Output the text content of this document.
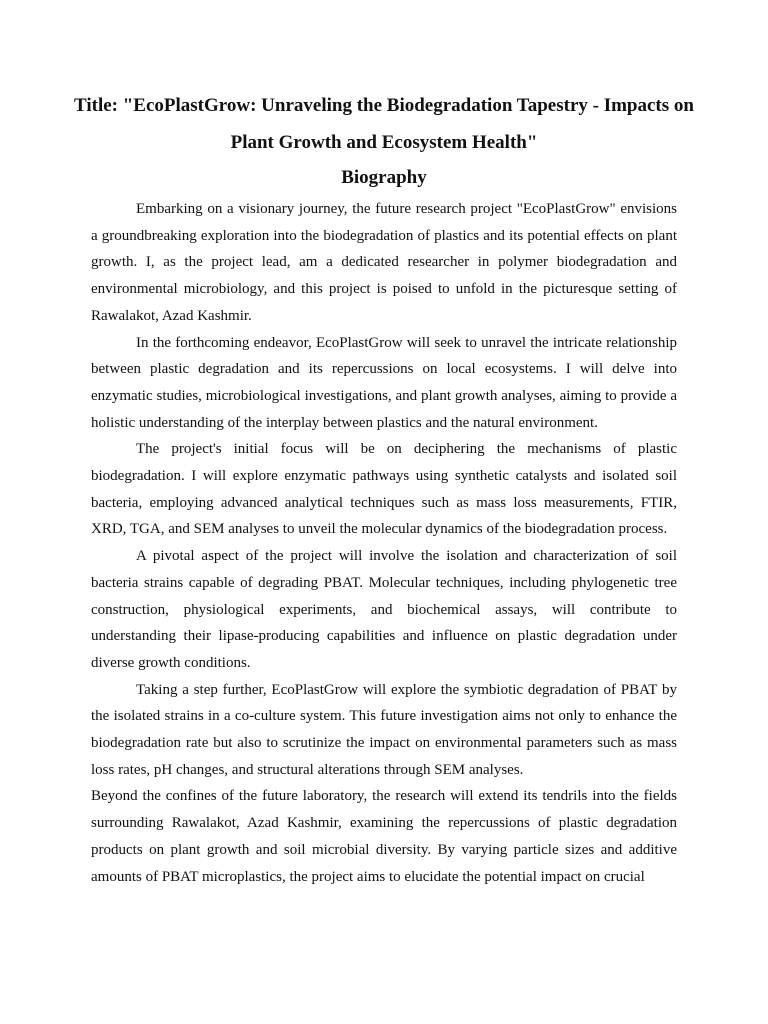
Title: "EcoPlastGrow: Unraveling the Biodegradation Tapestry - Impacts on Plant Growth and Ecosystem Health"
Biography

Embarking on a visionary journey, the future research project "EcoPlastGrow" envisions a groundbreaking exploration into the biodegradation of plastics and its potential effects on plant growth. I, as the project lead, am a dedicated researcher in polymer biodegradation and environmental microbiology, and this project is poised to unfold in the picturesque setting of Rawalakot, Azad Kashmir.

In the forthcoming endeavor, EcoPlastGrow will seek to unravel the intricate relationship between plastic degradation and its repercussions on local ecosystems. I will delve into enzymatic studies, microbiological investigations, and plant growth analyses, aiming to provide a holistic understanding of the interplay between plastics and the natural environment.

The project's initial focus will be on deciphering the mechanisms of plastic biodegradation. I will explore enzymatic pathways using synthetic catalysts and isolated soil bacteria, employing advanced analytical techniques such as mass loss measurements, FTIR, XRD, TGA, and SEM analyses to unveil the molecular dynamics of the biodegradation process.

A pivotal aspect of the project will involve the isolation and characterization of soil bacteria strains capable of degrading PBAT. Molecular techniques, including phylogenetic tree construction, physiological experiments, and biochemical assays, will contribute to understanding their lipase-producing capabilities and influence on plastic degradation under diverse growth conditions.

Taking a step further, EcoPlastGrow will explore the symbiotic degradation of PBAT by the isolated strains in a co-culture system. This future investigation aims not only to enhance the biodegradation rate but also to scrutinize the impact on environmental parameters such as mass loss rates, pH changes, and structural alterations through SEM analyses.

Beyond the confines of the future laboratory, the research will extend its tendrils into the fields surrounding Rawalakot, Azad Kashmir, examining the repercussions of plastic degradation products on plant growth and soil microbial diversity. By varying particle sizes and additive amounts of PBAT microplastics, the project aims to elucidate the potential impact on crucial
